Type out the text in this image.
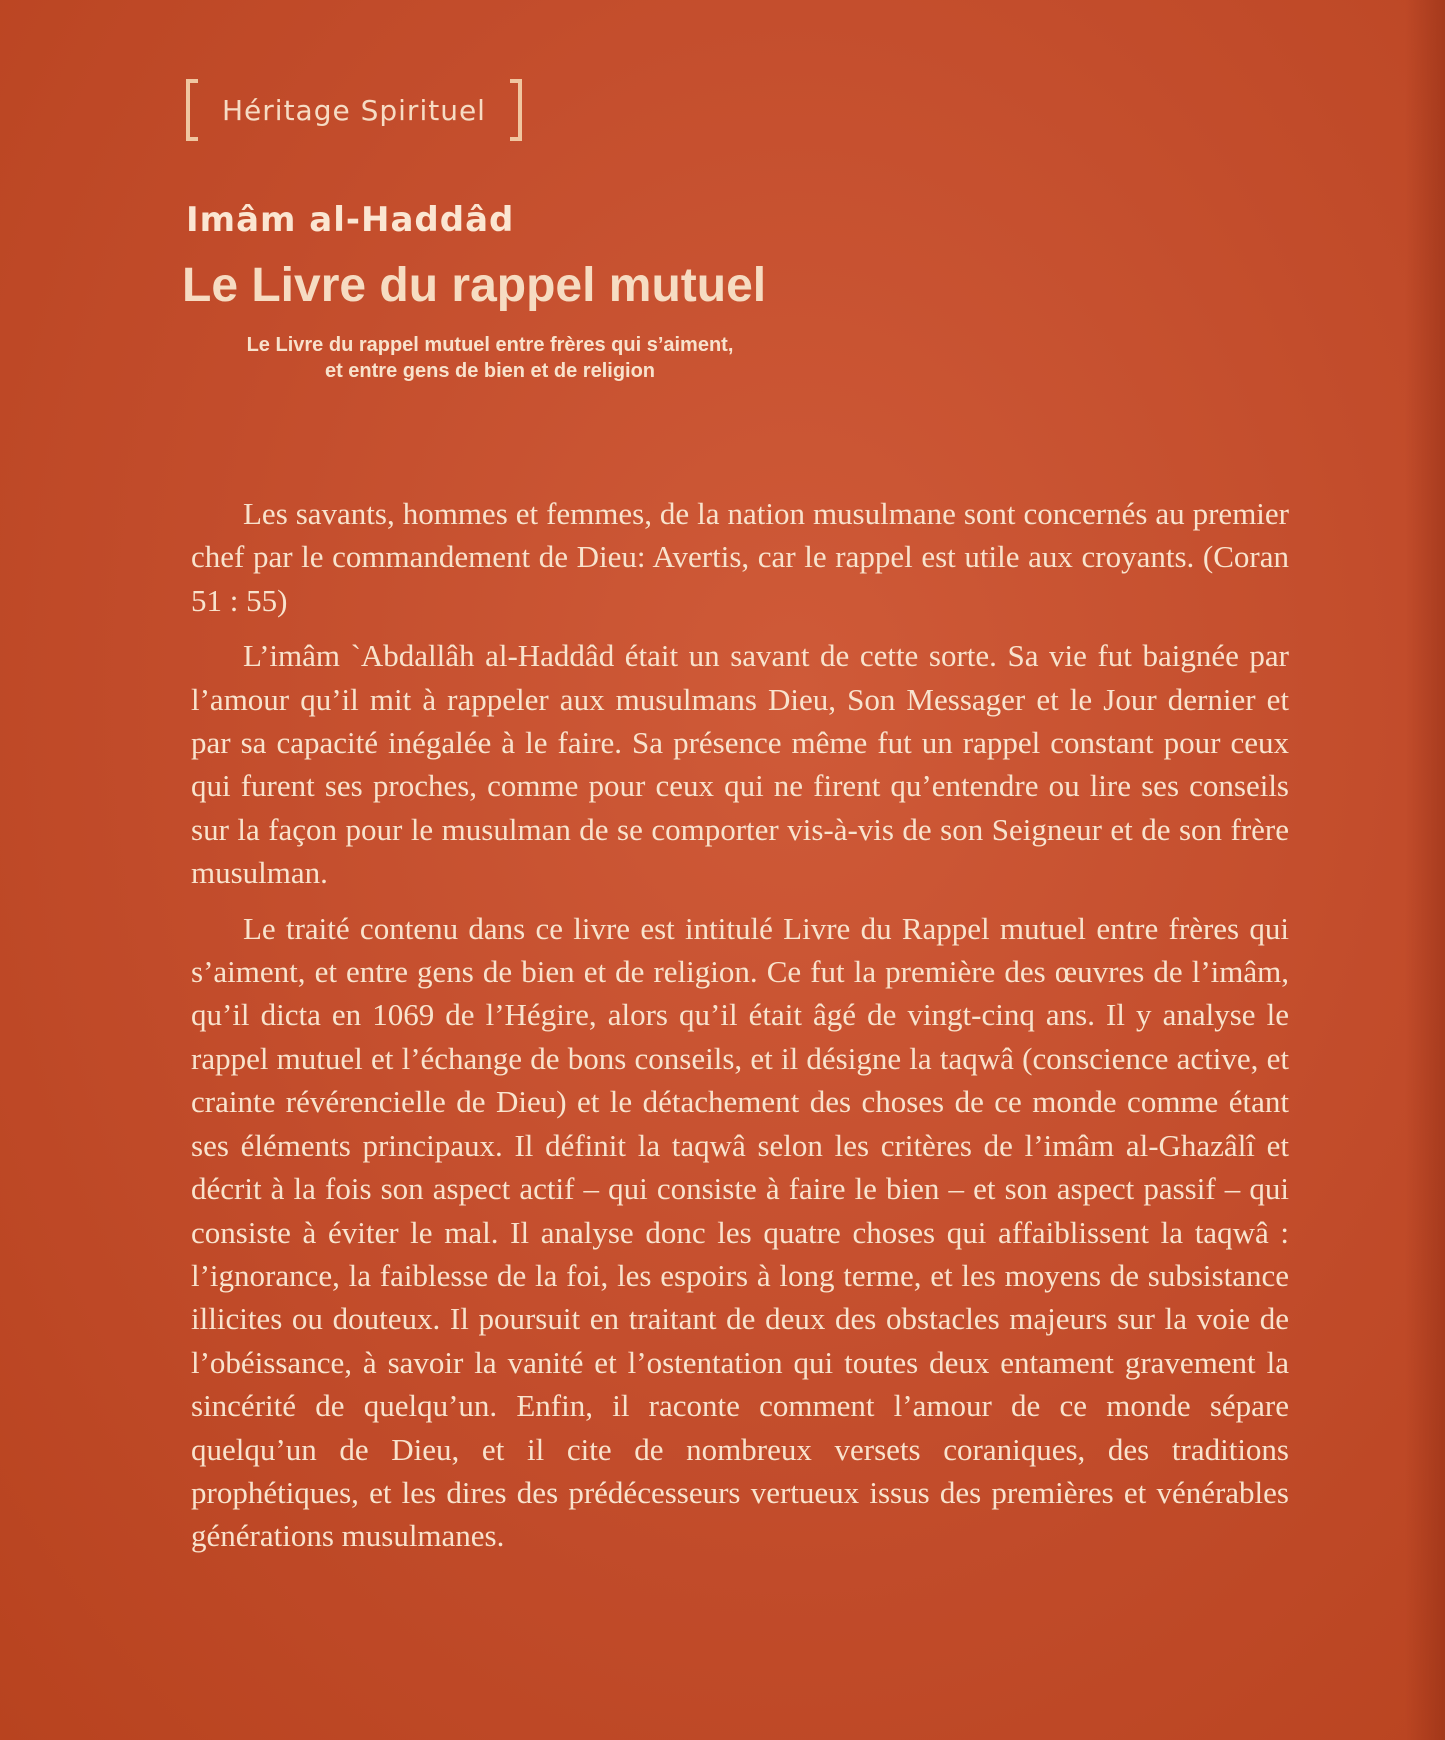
Héritage Spirituel
Imâm al-Haddâd
Le Livre du rappel mutuel
Le Livre du rappel mutuel entre frères qui s’aiment,
et entre gens de bien et de religion

Les savants, hommes et femmes, de la nation musulmane sont concernés au premier chef par le commandement de Dieu: Avertis, car le rappel est utile aux croyants. (Coran 51 : 55)

L’imâm `Abdallâh al-Haddâd était un savant de cette sorte. Sa vie fut baignée par l’amour qu’il mit à rappeler aux musulmans Dieu, Son Messager et le Jour dernier et par sa capacité inégalée à le faire. Sa présence même fut un rappel constant pour ceux qui furent ses proches, comme pour ceux qui ne firent qu’entendre ou lire ses conseils sur la façon pour le musulman de se comporter vis-à-vis de son Seigneur et de son frère musulman.

Le traité contenu dans ce livre est intitulé Livre du Rappel mutuel entre frères qui s’aiment, et entre gens de bien et de religion. Ce fut la première des œuvres de l’imâm, qu’il dicta en 1069 de l’Hégire, alors qu’il était âgé de vingt-cinq ans. Il y analyse le rappel mutuel et l’échange de bons conseils, et il désigne la taqwâ (conscience active, et crainte révérencielle de Dieu) et le détachement des choses de ce monde comme étant ses éléments principaux. Il définit la taqwâ selon les critères de l’imâm al-Ghazâlî et décrit à la fois son aspect actif – qui consiste à faire le bien – et son aspect passif – qui consiste à éviter le mal. Il analyse donc les quatre choses qui affaiblissent la taqwâ : l’ignorance, la faiblesse de la foi, les espoirs à long terme, et les moyens de subsistance illicites ou douteux. Il poursuit en traitant de deux des obstacles majeurs sur la voie de l’obéissance, à savoir la vanité et l’ostentation qui toutes deux entament gravement la sincérité de quelqu’un. Enfin, il raconte comment l’amour de ce monde sépare quelqu’un de Dieu, et il cite de nombreux versets coraniques, des traditions prophétiques, et les dires des prédécesseurs vertueux issus des premières et vénérables générations musulmanes.
